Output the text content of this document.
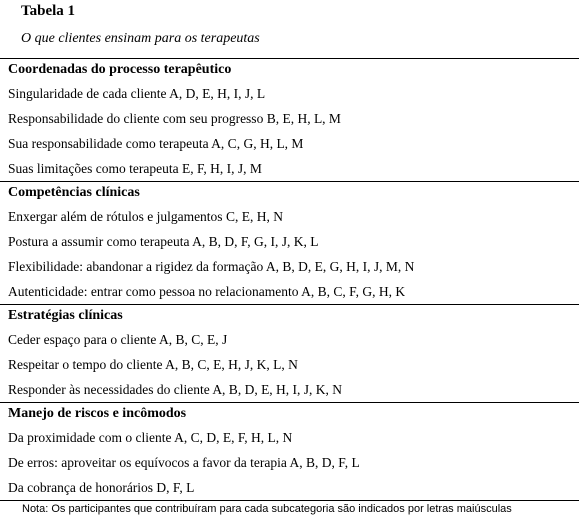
Tabela 1
O que clientes ensinam para os terapeutas
Coordenadas do processo terapêutico
Singularidade de cada cliente A, D, E, H, I, J, L
Responsabilidade do cliente com seu progresso B, E, H, L, M
Sua responsabilidade como terapeuta A, C, G, H, L, M
Suas limitações como terapeuta E, F, H, I, J, M
Competências clínicas
Enxergar além de rótulos e julgamentos C, E, H, N
Postura a assumir como terapeuta A, B, D, F, G, I, J, K, L
Flexibilidade: abandonar a rigidez da formação A, B, D, E, G, H, I, J, M, N
Autenticidade: entrar como pessoa no relacionamento A, B, C, F, G, H, K
Estratégias clínicas
Ceder espaço para o cliente A, B, C, E, J
Respeitar o tempo do cliente A, B, C, E, H, J, K, L, N
Responder às necessidades do cliente A, B, D, E, H, I, J, K, N
Manejo de riscos e incômodos
Da proximidade com o cliente A, C, D, E, F, H, L, N
De erros: aproveitar os equívocos a favor da terapia A, B, D, F, L
Da cobrança de honorários D, F, L
Nota: Os participantes que contribuíram para cada subcategoria são indicados por letras maiúsculas
